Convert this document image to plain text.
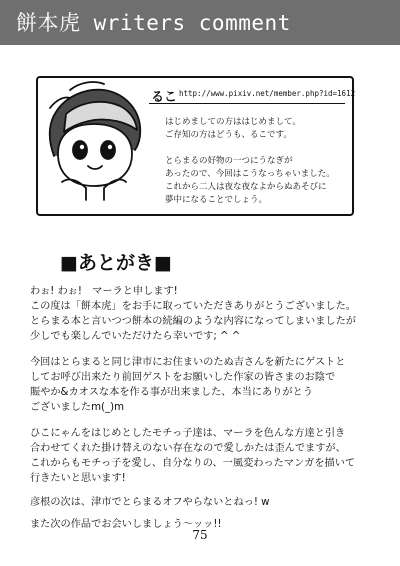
餅本虎 writers comment
るこ http://www.pixiv.net/member.php?id=1612
はじめましての方ははじめまして。
ご存知の方はどうも、るこです。
とらまるの好物の一つにうなぎが
あったので、今回はこうなっちゃいました。
これから二人は夜な夜なよからぬあそびに
夢中になることでしょう。
■あとがき■
わぉ! わぉ!　マーラと申します!
この度は「餅本虎」をお手に取っていただきありがとうございました。
とらまる本と言いつつ餅本の続編のような内容になってしまいましたが
少しでも楽しんでいただけたら幸いです; ^ ^
今回はとらまると同じ津市にお住まいのたぬ吉さんを新たにゲストと
してお呼び出来たり前回ゲストをお願いした作家の皆さまのお陰で
賑やか&カオスな本を作る事が出来ました、本当にありがとう
ございましたm(_)m
ひこにゃんをはじめとしたモチっ子達は、マーラを色んな方達と引き
合わせてくれた掛け替えのない存在なので愛しかたは歪んでますが、
これからもモチっ子を愛し、自分なりの、一風変わったマンガを描いて
行きたいと思います!
彦根の次は、津市でとらまるオフやらないとねっ! w
また次の作品でお会いしましょう～ッッ!!
75
